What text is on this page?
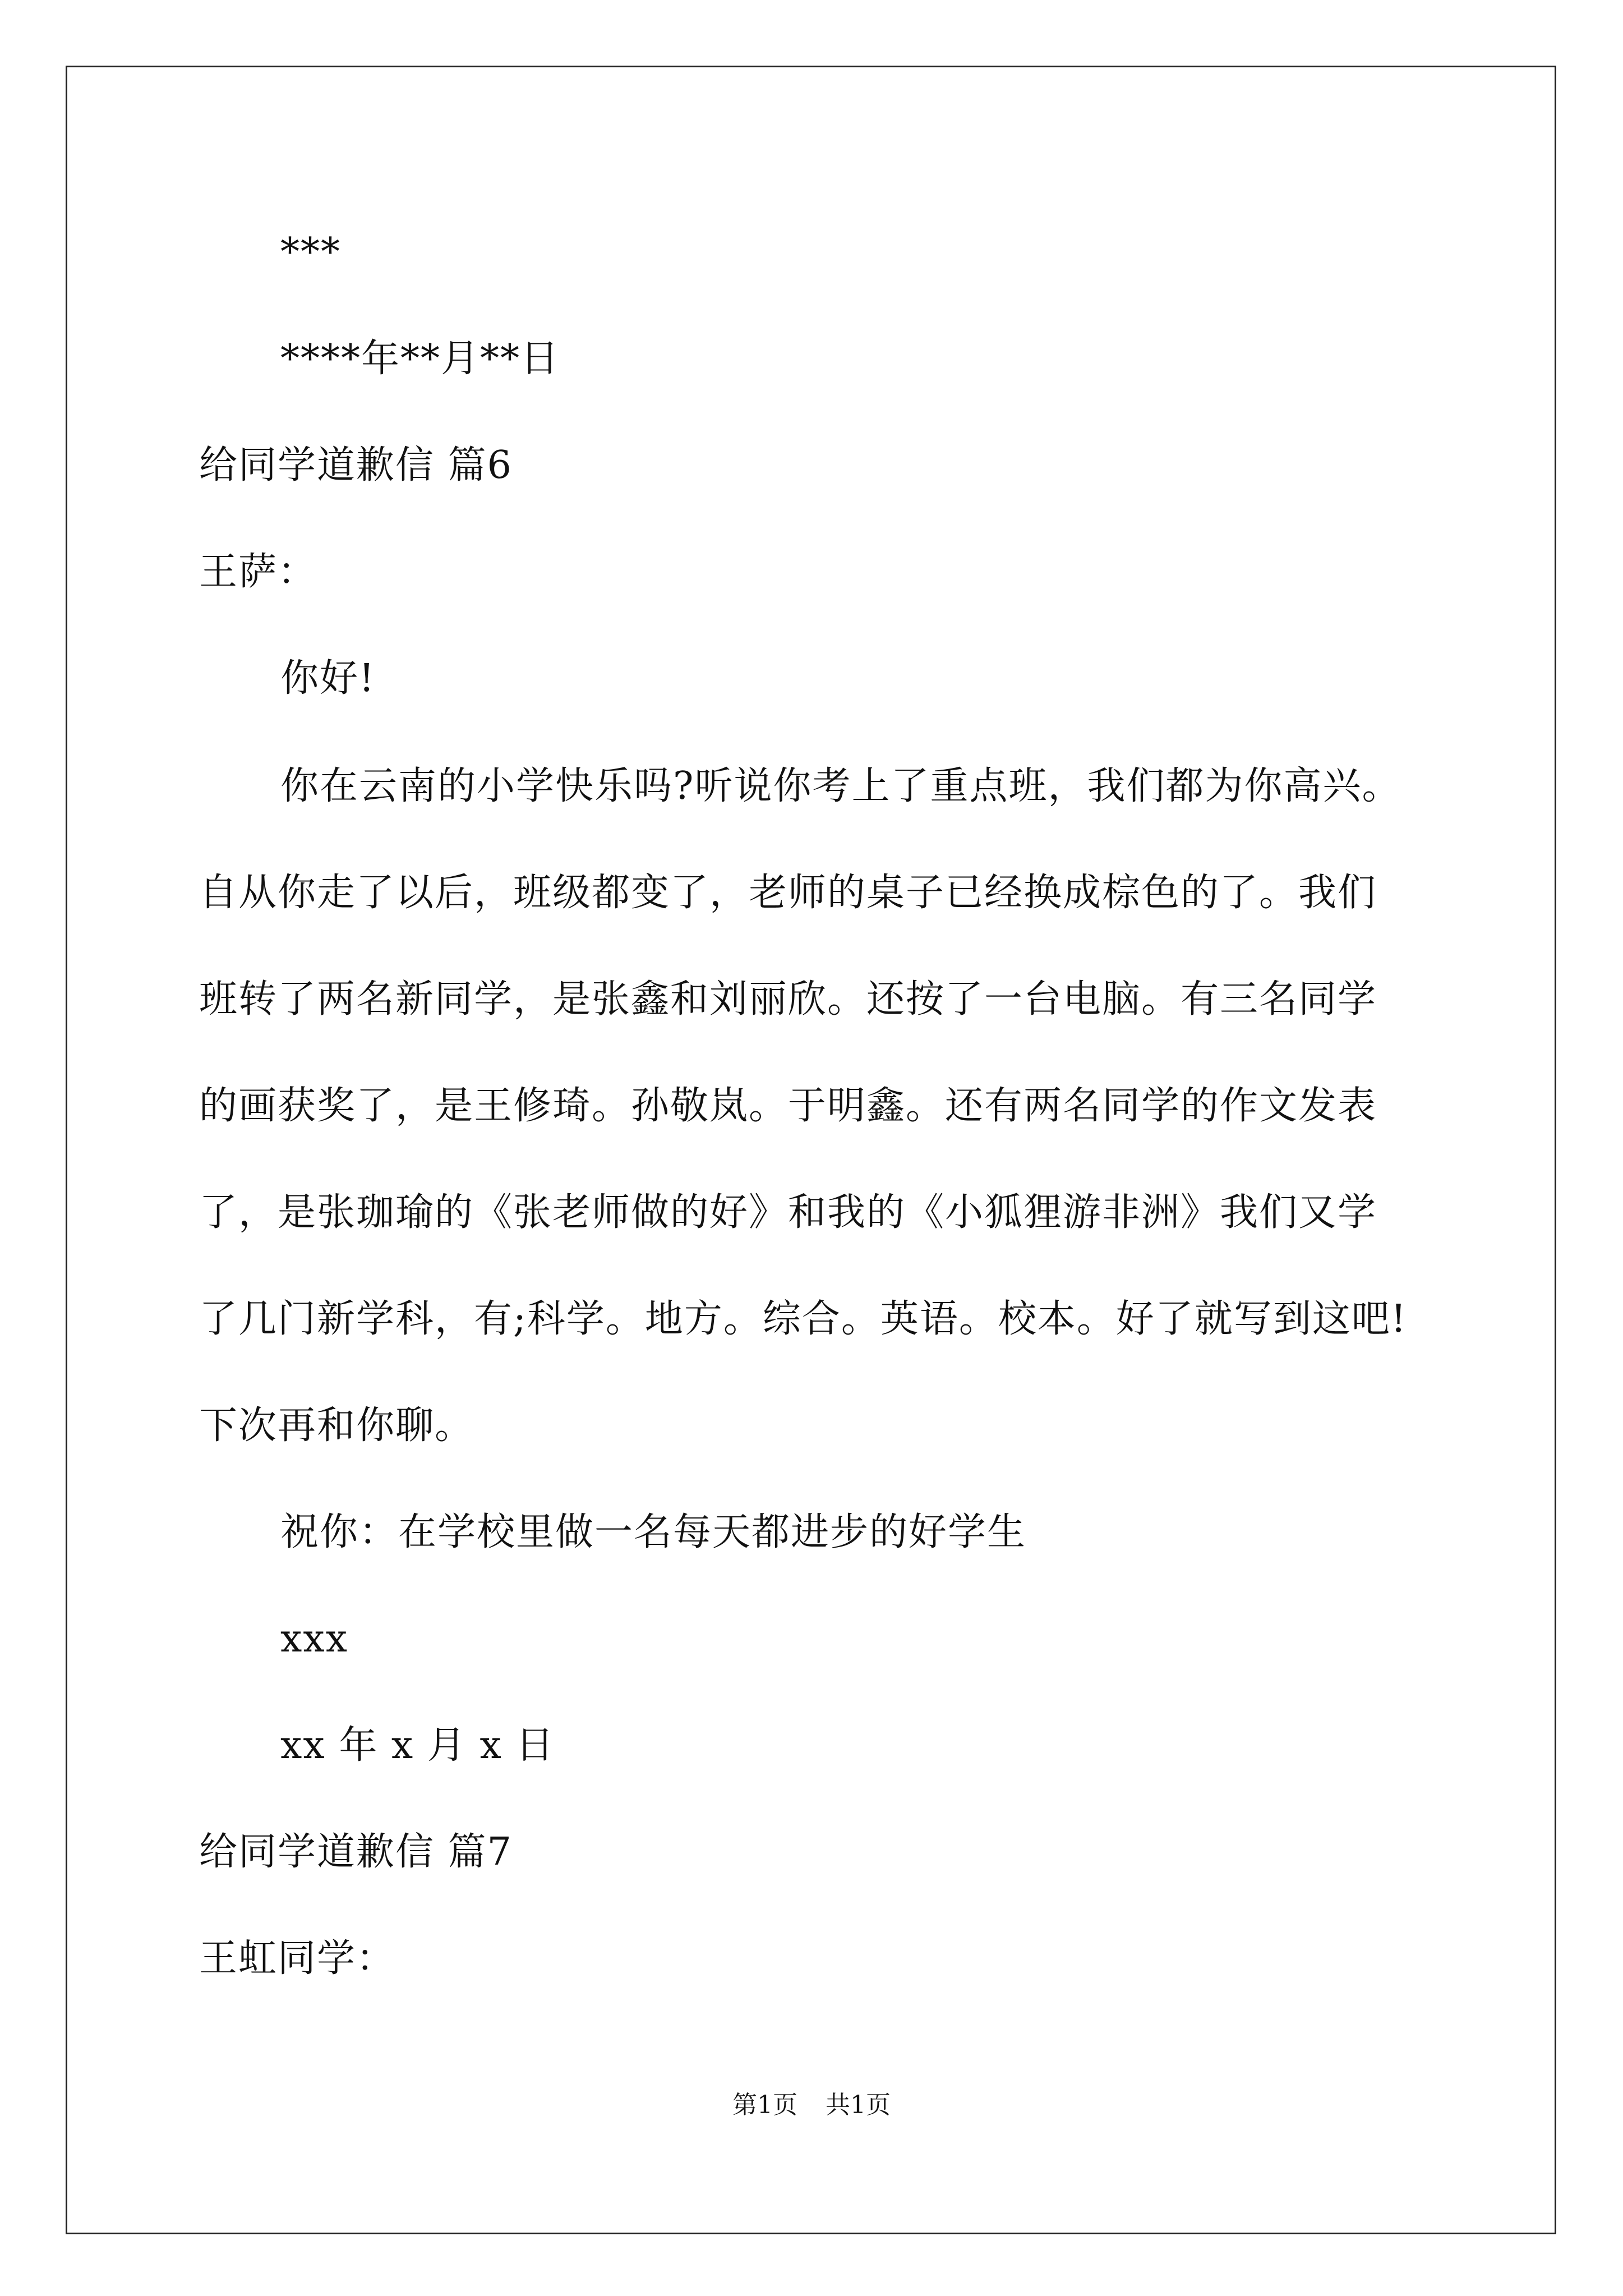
***
****年**月**日
给同学道歉信 篇6
王萨：
你好!
你在云南的小学快乐吗?听说你考上了重点班，我们都为你高兴。
自从你走了以后，班级都变了，老师的桌子已经换成棕色的了。我们
班转了两名新同学，是张鑫和刘丽欣。还按了一台电脑。有三名同学
的画获奖了，是王修琦。孙敬岚。于明鑫。还有两名同学的作文发表
了，是张珈瑜的《张老师做的好》和我的《小狐狸游非洲》我们又学
了几门新学科，有;科学。地方。综合。英语。校本。好了就写到这吧!
下次再和你聊。
祝你：在学校里做一名每天都进步的好学生
xxx
xx 年 x 月 x 日
给同学道歉信 篇7
王虹同学：
第1页 共1页
